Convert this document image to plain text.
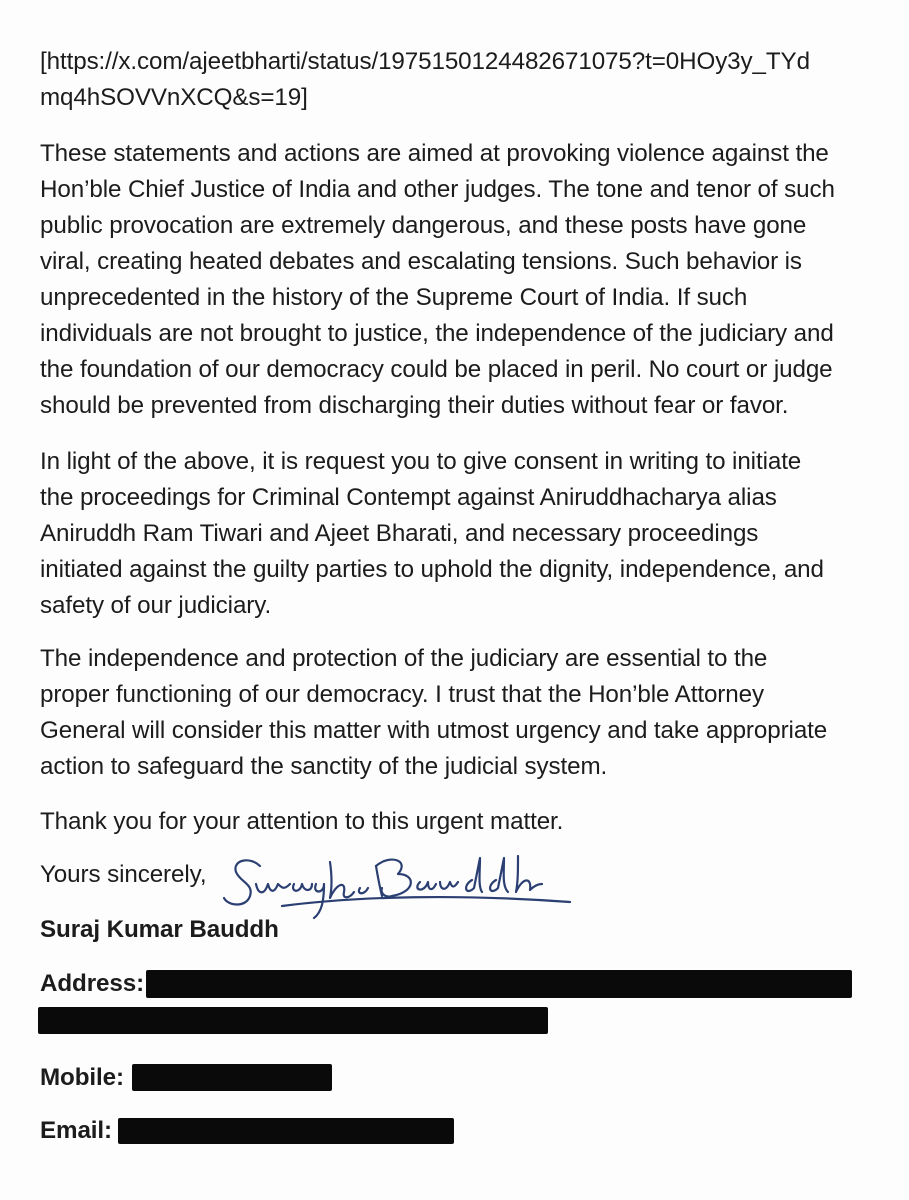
[https://x.com/ajeetbharti/status/1975150124482671075?t=0HOy3y_TYd
mq4hSOVVnXCQ&s=19]

These statements and actions are aimed at provoking violence against the
Hon’ble Chief Justice of India and other judges. The tone and tenor of such
public provocation are extremely dangerous, and these posts have gone
viral, creating heated debates and escalating tensions. Such behavior is
unprecedented in the history of the Supreme Court of India. If such
individuals are not brought to justice, the independence of the judiciary and
the foundation of our democracy could be placed in peril. No court or judge
should be prevented from discharging their duties without fear or favor.

In light of the above, it is request you to give consent in writing to initiate
the proceedings for Criminal Contempt against Aniruddhacharya alias
Aniruddh Ram Tiwari and Ajeet Bharati, and necessary proceedings
initiated against the guilty parties to uphold the dignity, independence, and
safety of our judiciary.

The independence and protection of the judiciary are essential to the
proper functioning of our democracy. I trust that the Hon’ble Attorney
General will consider this matter with utmost urgency and take appropriate
action to safeguard the sanctity of the judicial system.

Thank you for your attention to this urgent matter.

Yours sincerely,

Suraj Kumar Bauddh

Address:

Mobile:

Email:
